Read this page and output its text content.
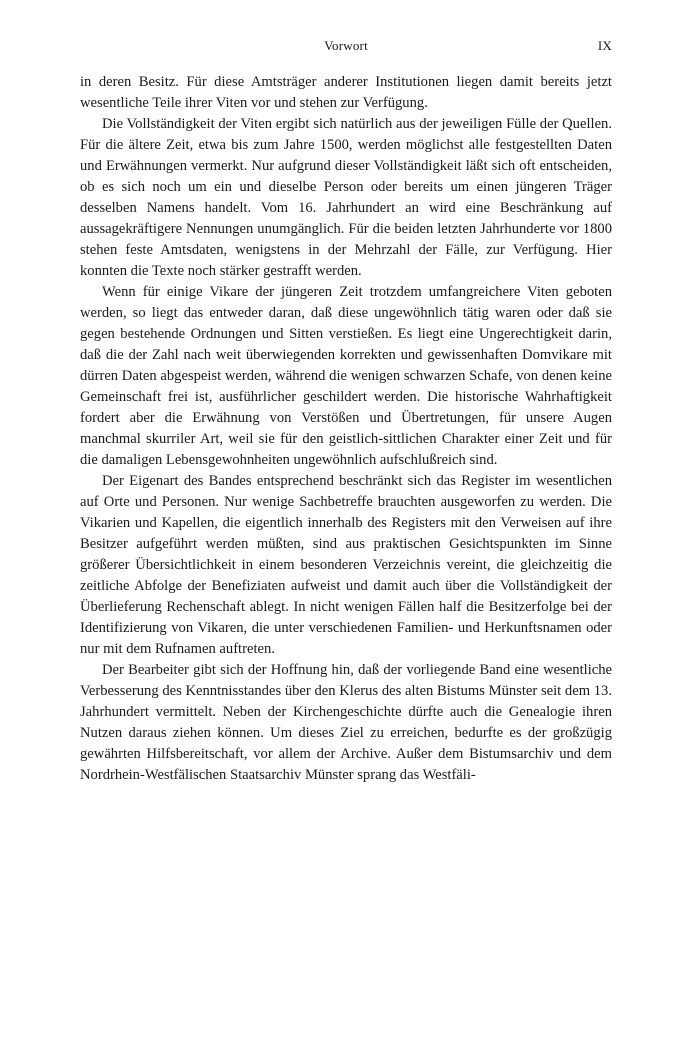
Vorwort	IX

in deren Besitz. Für diese Amtsträger anderer Institutionen liegen damit bereits jetzt wesentliche Teile ihrer Viten vor und stehen zur Verfügung.

Die Vollständigkeit der Viten ergibt sich natürlich aus der jeweiligen Fülle der Quellen. Für die ältere Zeit, etwa bis zum Jahre 1500, werden möglichst alle festgestellten Daten und Erwähnungen vermerkt. Nur aufgrund dieser Vollständigkeit läßt sich oft entscheiden, ob es sich noch um ein und dieselbe Person oder bereits um einen jüngeren Träger desselben Namens handelt. Vom 16. Jahrhundert an wird eine Beschränkung auf aussagekräftigere Nennungen unumgänglich. Für die beiden letzten Jahrhunderte vor 1800 stehen feste Amtsdaten, wenigstens in der Mehrzahl der Fälle, zur Verfügung. Hier konnten die Texte noch stärker gestrafft werden.

Wenn für einige Vikare der jüngeren Zeit trotzdem umfangreichere Viten geboten werden, so liegt das entweder daran, daß diese ungewöhnlich tätig waren oder daß sie gegen bestehende Ordnungen und Sitten verstießen. Es liegt eine Ungerechtigkeit darin, daß die der Zahl nach weit überwiegenden korrekten und gewissenhaften Domvikare mit dürren Daten abgespeist werden, während die wenigen schwarzen Schafe, von denen keine Gemeinschaft frei ist, ausführlicher geschildert werden. Die historische Wahrhaftigkeit fordert aber die Erwähnung von Verstößen und Übertretungen, für unsere Augen manchmal skurriler Art, weil sie für den geistlich-sittlichen Charakter einer Zeit und für die damaligen Lebensgewohnheiten ungewöhnlich aufschlußreich sind.

Der Eigenart des Bandes entsprechend beschränkt sich das Register im wesentlichen auf Orte und Personen. Nur wenige Sachbetreffe brauchten ausgeworfen zu werden. Die Vikarien und Kapellen, die eigentlich innerhalb des Registers mit den Verweisen auf ihre Besitzer aufgeführt werden müßten, sind aus praktischen Gesichtspunkten im Sinne größerer Übersichtlichkeit in einem besonderen Verzeichnis vereint, die gleichzeitig die zeitliche Abfolge der Benefiziaten aufweist und damit auch über die Vollständigkeit der Überlieferung Rechenschaft ablegt. In nicht wenigen Fällen half die Besitzerfolge bei der Identifizierung von Vikaren, die unter verschiedenen Familien- und Herkunftsnamen oder nur mit dem Rufnamen auftreten.

Der Bearbeiter gibt sich der Hoffnung hin, daß der vorliegende Band eine wesentliche Verbesserung des Kenntnisstandes über den Klerus des alten Bistums Münster seit dem 13. Jahrhundert vermittelt. Neben der Kirchengeschichte dürfte auch die Genealogie ihren Nutzen daraus ziehen können. Um dieses Ziel zu erreichen, bedurfte es der großzügig gewährten Hilfsbereitschaft, vor allem der Archive. Außer dem Bistumsarchiv und dem Nordrhein-Westfälischen Staatsarchiv Münster sprang das Westfäli-
